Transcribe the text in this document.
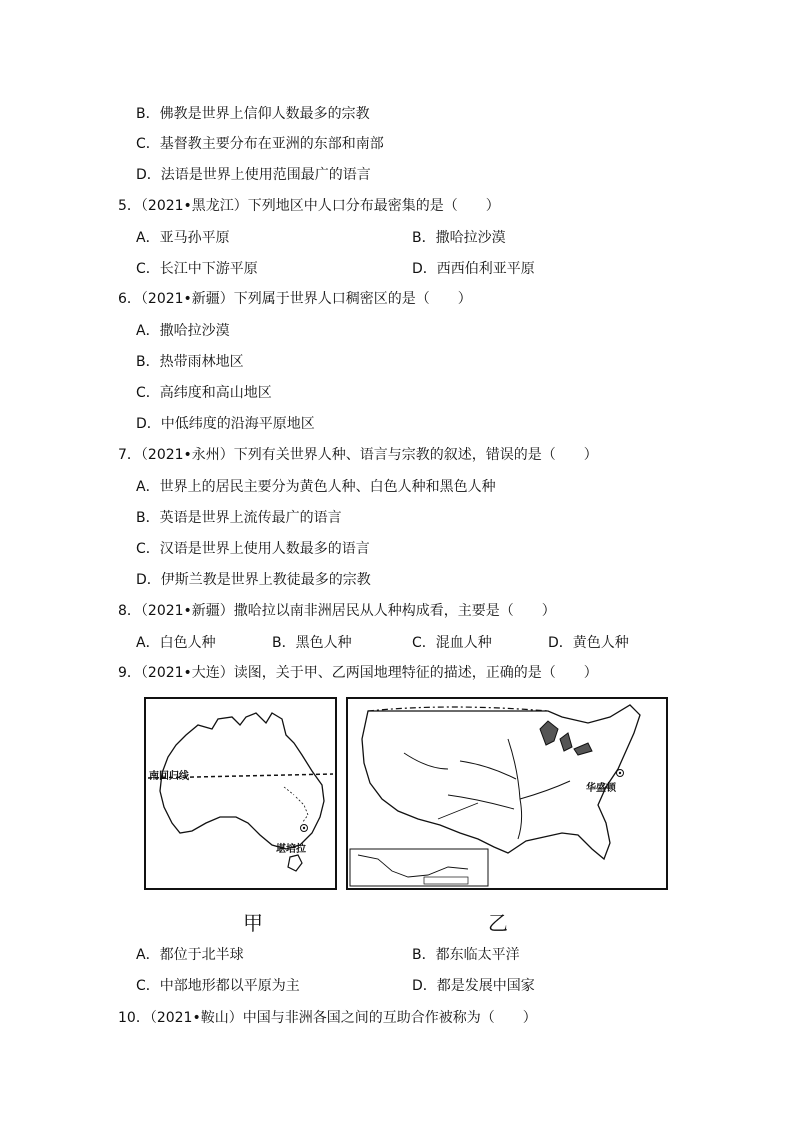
B．佛教是世界上信仰人数最多的宗教
C．基督教主要分布在亚洲的东部和南部
D．法语是世界上使用范围最广的语言
5．（2021•黑龙江）下列地区中人口分布最密集的是（　　）
A．亚马孙平原	B．撒哈拉沙漠
C．长江中下游平原	D．西西伯利亚平原
6．（2021•新疆）下列属于世界人口稠密区的是（　　）
A．撒哈拉沙漠
B．热带雨林地区
C．高纬度和高山地区
D．中低纬度的沿海平原地区
7．（2021•永州）下列有关世界人种、语言与宗教的叙述，错误的是（　　）
A．世界上的居民主要分为黄色人种、白色人种和黑色人种
B．英语是世界上流传最广的语言
C．汉语是世界上使用人数最多的语言
D．伊斯兰教是世界上教徒最多的宗教
8．（2021•新疆）撒哈拉以南非洲居民从人种构成看，主要是（　　）
A．白色人种	B．黑色人种	C．混血人种	D．黄色人种
9．（2021•大连）读图，关于甲、乙两国地理特征的描述，正确的是（　　）
南回归线
堪培拉
甲
华盛顿
乙
A．都位于北半球	B．都东临太平洋
C．中部地形都以平原为主	D．都是发展中国家
10．（2021•鞍山）中国与非洲各国之间的互助合作被称为（　　）
